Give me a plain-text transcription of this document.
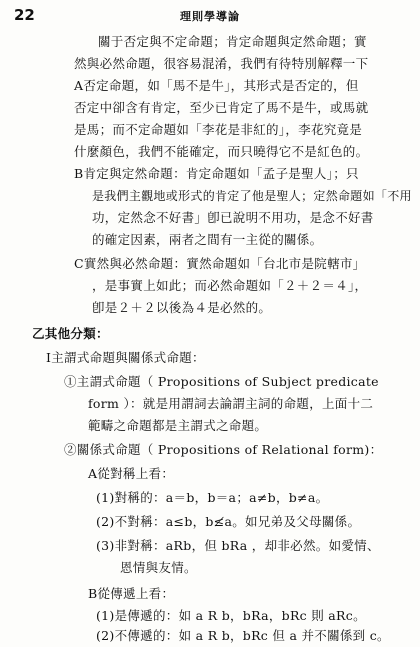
22	理則學導論
關于否定與不定命題；肯定命題與定然命題；實
然與必然命題，很容易混淆，我們有待特別解釋一下
A否定命題，如「馬不是牛」，其形式是否定的，但
否定中卻含有肯定，至少已肯定了馬不是牛，或馬就
是馬；而不定命題如「李花是非紅的」，李花究竟是
什麼顏色，我們不能確定，而只曉得它不是紅色的。
B肯定與定然命題：肯定命題如「孟子是聖人」；只
是我們主觀地或形式的肯定了他是聖人；定然命題如「不用
功，定然念不好書」卽已說明不用功，是念不好書
的確定因素，兩者之間有一主從的關係。
C實然與必然命題：實然命題如「台北市是院轄市」
，是事實上如此；而必然命題如「２＋２＝４」，
卽是２＋２以後為４是必然的。
乙其他分類：
Ⅰ主謂式命題與關係式命題：
①主謂式命題（ Propositions of Subject predicate
form ）：就是用謂詞去論謂主詞的命題，上面十二
範疇之命題都是主謂式之命題。
②關係式命題（ Propositions of Relational form)：
A從對稱上看：
(1)對稱的：a＝b，b＝a；a≠b，b≠a。
(2)不對稱：a≤b，b≰a。如兄弟及父母關係。
(3)非對稱：aRb，但 bRa ，却非必然。如愛情、
恩情與友情。
B從傳遞上看：
(1)是傳遞的：如 a R b，bRa，bRc 則 aRc。
(2)不傳遞的：如 a R b，bRc 但 a 并不關係到 c。
